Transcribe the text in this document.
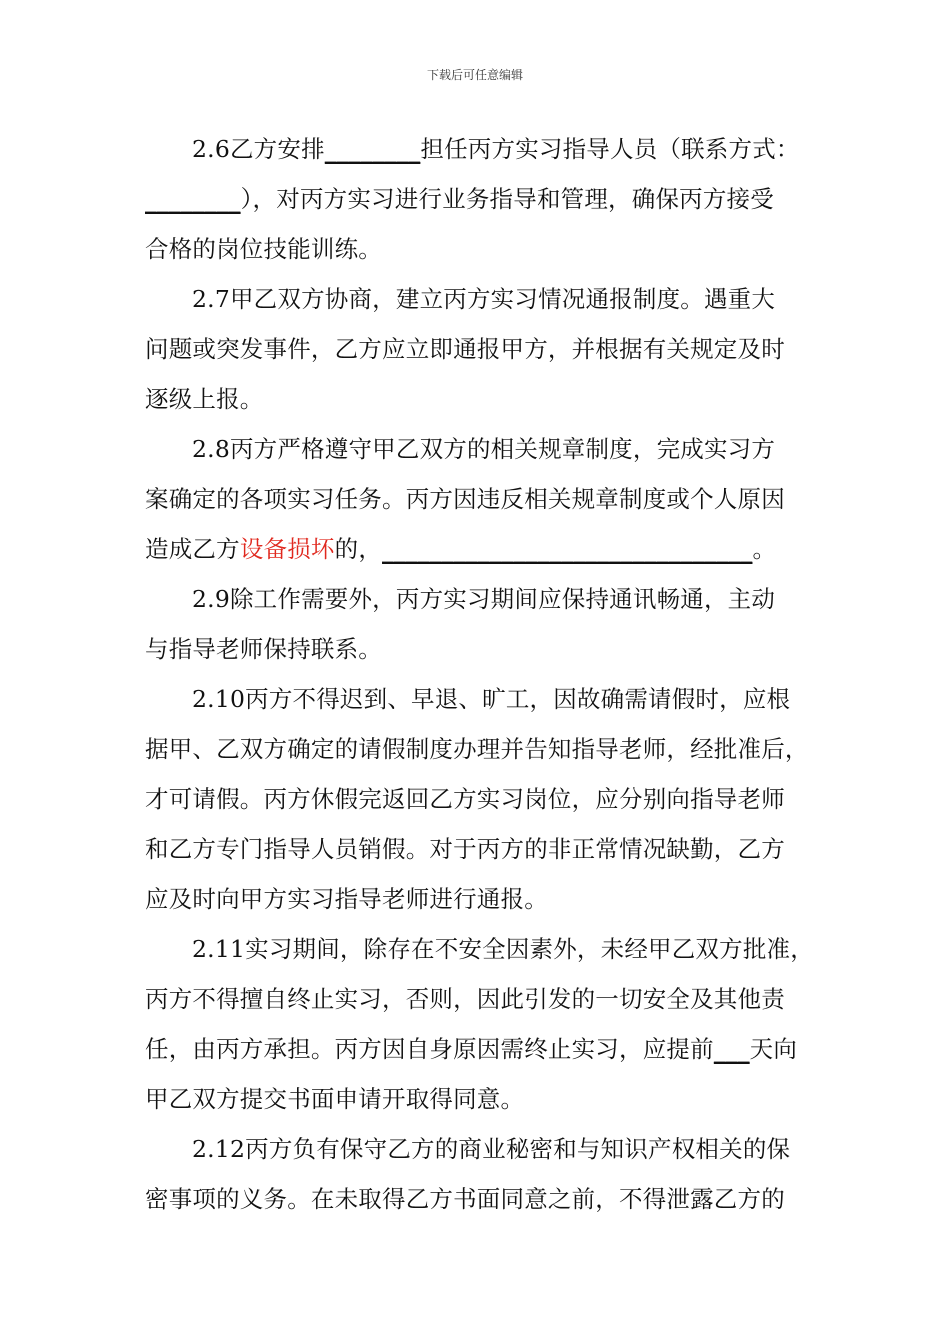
下载后可任意编辑
2.6乙方安排________担任丙方实习指导人员（联系方式：
________），对丙方实习进行业务指导和管理，确保丙方接受
合格的岗位技能训练。
2.7甲乙双方协商，建立丙方实习情况通报制度。遇重大
问题或突发事件，乙方应立即通报甲方，并根据有关规定及时
逐级上报。
2.8丙方严格遵守甲乙双方的相关规章制度，完成实习方
案确定的各项实习任务。丙方因违反相关规章制度或个人原因
造成乙方设备损坏的，_______________________________。
2.9除工作需要外，丙方实习期间应保持通讯畅通，主动
与指导老师保持联系。
2.10丙方不得迟到、早退、旷工，因故确需请假时，应根
据甲、乙双方确定的请假制度办理并告知指导老师，经批准后，
才可请假。丙方休假完返回乙方实习岗位，应分别向指导老师
和乙方专门指导人员销假。对于丙方的非正常情况缺勤，乙方
应及时向甲方实习指导老师进行通报。
2.11实习期间，除存在不安全因素外，未经甲乙双方批准，
丙方不得擅自终止实习，否则，因此引发的一切安全及其他责
任，由丙方承担。丙方因自身原因需终止实习，应提前___天向
甲乙双方提交书面申请开取得同意。
2.12丙方负有保守乙方的商业秘密和与知识产权相关的保
密事项的义务。在未取得乙方书面同意之前，不得泄露乙方的
